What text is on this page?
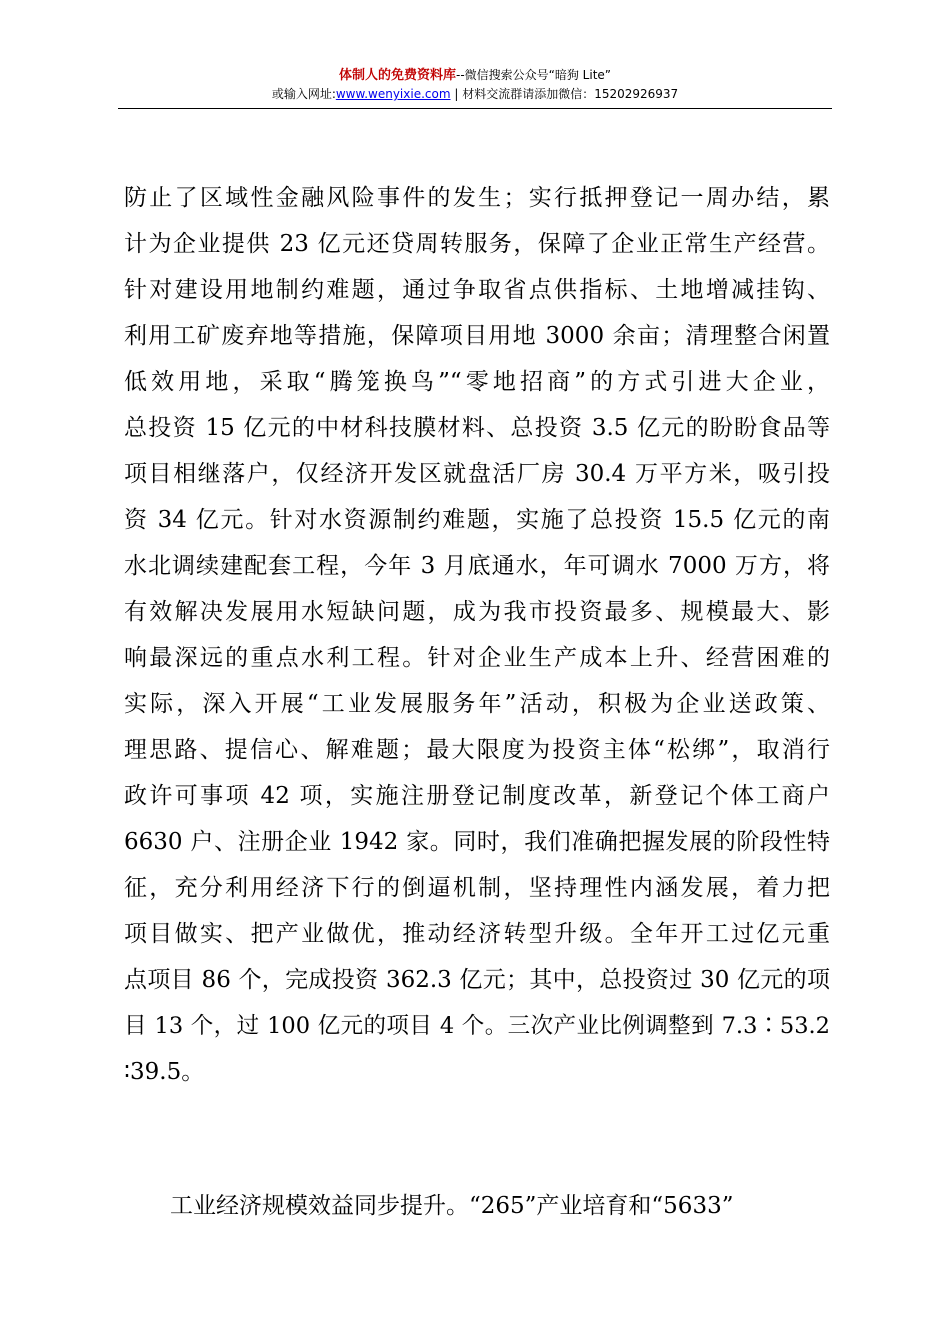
体制人的免费资料库--微信搜索公众号“暗狗 Lite”
或输入网址:www.wenyixie.com | 材料交流群请添加微信：15202926937
防止了区域性金融风险事件的发生；实行抵押登记一周办结，累
计为企业提供 23 亿元还贷周转服务，保障了企业正常生产经营。
针对建设用地制约难题，通过争取省点供指标、土地增减挂钩、
利用工矿废弃地等措施，保障项目用地 3000 余亩；清理整合闲置
低效用地，采取“腾笼换鸟”“零地招商”的方式引进大企业，
总投资 15 亿元的中材科技膜材料、总投资 3.5 亿元的盼盼食品等
项目相继落户，仅经济开发区就盘活厂房 30.4 万平方米，吸引投
资 34 亿元。针对水资源制约难题，实施了总投资 15.5 亿元的南
水北调续建配套工程，今年 3 月底通水，年可调水 7000 万方，将
有效解决发展用水短缺问题，成为我市投资最多、规模最大、影
响最深远的重点水利工程。针对企业生产成本上升、经营困难的
实际，深入开展“工业发展服务年”活动，积极为企业送政策、
理思路、提信心、解难题；最大限度为投资主体“松绑”，取消行
政许可事项 42 项，实施注册登记制度改革，新登记个体工商户
6630 户、注册企业 1942 家。同时，我们准确把握发展的阶段性特
征，充分利用经济下行的倒逼机制，坚持理性内涵发展，着力把
项目做实、把产业做优，推动经济转型升级。全年开工过亿元重
点项目 86 个，完成投资 362.3 亿元；其中，总投资过 30 亿元的项
目 13 个，过 100 亿元的项目 4 个。三次产业比例调整到 7.3∶53.2
∶39.5。
　　工业经济规模效益同步提升。“265”产业培育和“5633”
